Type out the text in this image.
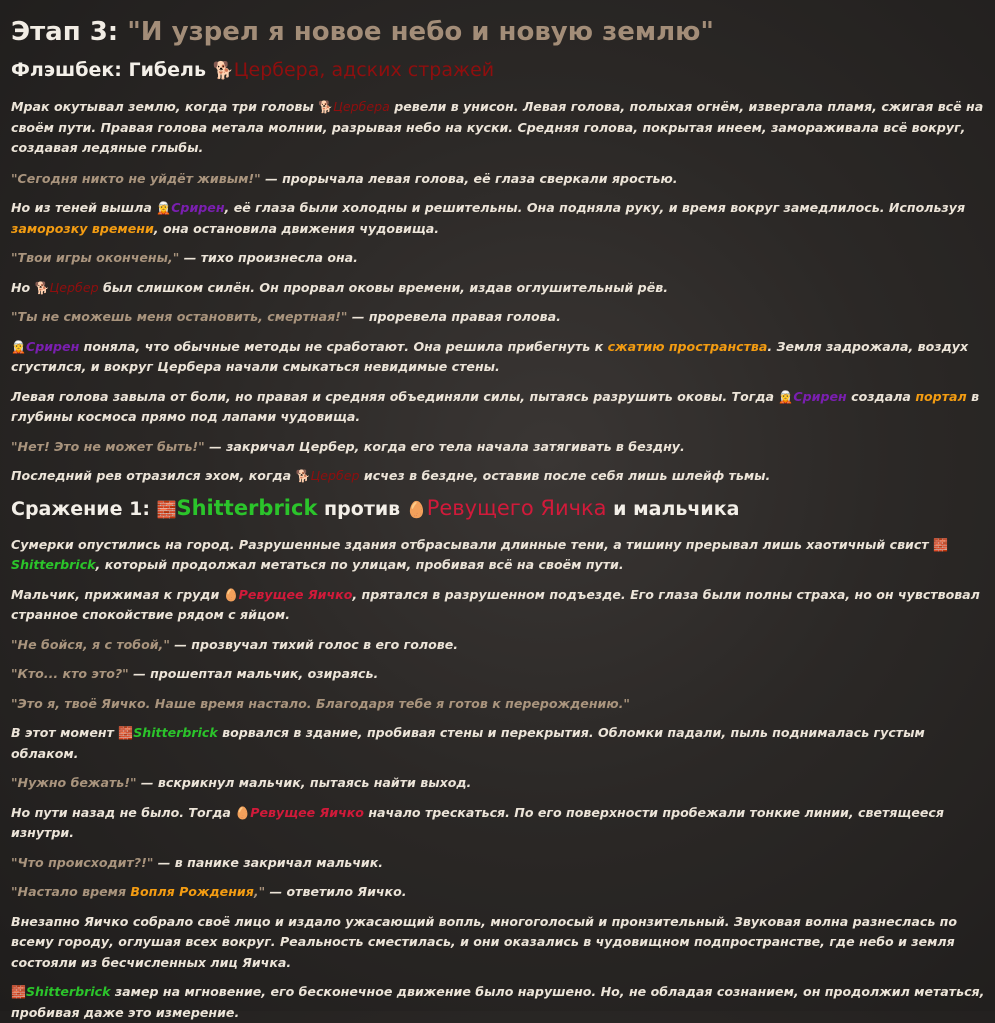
Этап 3: "И узрел я новое небо и новую землю"
Флэшбек: Гибель 🐕Цербера, адских стражей

Мрак окутывал землю, когда три головы 🐕Цербера ревели в унисон. Левая голова, полыхая огнём, извергала пламя, сжигая всё на своём пути. Правая голова метала молнии, разрывая небо на куски. Средняя голова, покрытая инеем, замораживала всё вокруг, создавая ледяные глыбы.

"Сегодня никто не уйдёт живым!" — прорычала левая голова, её глаза сверкали яростью.

Но из теней вышла 🧝Срирен, её глаза были холодны и решительны. Она подняла руку, и время вокруг замедлилось. Используя заморозку времени, она остановила движения чудовища.

"Твои игры окончены," — тихо произнесла она.

Но 🐕Цербер был слишком силён. Он прорвал оковы времени, издав оглушительный рёв.

"Ты не сможешь меня остановить, смертная!" — проревела правая голова.

🧝Срирен поняла, что обычные методы не сработают. Она решила прибегнуть к сжатию пространства. Земля задрожала, воздух сгустился, и вокруг Цербера начали смыкаться невидимые стены.

Левая голова завыла от боли, но правая и средняя объединяли силы, пытаясь разрушить оковы. Тогда 🧝Срирен создала портал в глубины космоса прямо под лапами чудовища.

"Нет! Это не может быть!" — закричал Цербер, когда его тела начала затягивать в бездну.

Последний рев отразился эхом, когда 🐕Цербер исчез в бездне, оставив после себя лишь шлейф тьмы.

Сражение 1: 🧱Shitterbrick против 🥚Ревущего Яичка и мальчика

Сумерки опустились на город. Разрушенные здания отбрасывали длинные тени, а тишину прерывал лишь хаотичный свист 🧱Shitterbrick, который продолжал метаться по улицам, пробивая всё на своём пути.

Мальчик, прижимая к груди 🥚Ревущее Яичко, прятался в разрушенном подъезде. Его глаза были полны страха, но он чувствовал странное спокойствие рядом с яйцом.

"Не бойся, я с тобой," — прозвучал тихий голос в его голове.

"Кто... кто это?" — прошептал мальчик, озираясь.

"Это я, твоё Яичко. Наше время настало. Благодаря тебе я готов к перерождению."

В этот момент 🧱Shitterbrick ворвался в здание, пробивая стены и перекрытия. Обломки падали, пыль поднималась густым облаком.

"Нужно бежать!" — вскрикнул мальчик, пытаясь найти выход.

Но пути назад не было. Тогда 🥚Ревущее Яичко начало трескаться. По его поверхности пробежали тонкие линии, светящееся изнутри.

"Что происходит?!" — в панике закричал мальчик.

"Настало время Вопля Рождения," — ответило Яичко.

Внезапно Яичко собрало своё лицо и издало ужасающий вопль, многоголосый и пронзительный. Звуковая волна разнеслась по всему городу, оглушая всех вокруг. Реальность сместилась, и они оказались в чудовищном подпространстве, где небо и земля состояли из бесчисленных лиц Яичка.

🧱Shitterbrick замер на мгновение, его бесконечное движение было нарушено. Но, не обладая сознанием, он продолжил метаться, пробивая даже это измерение.
